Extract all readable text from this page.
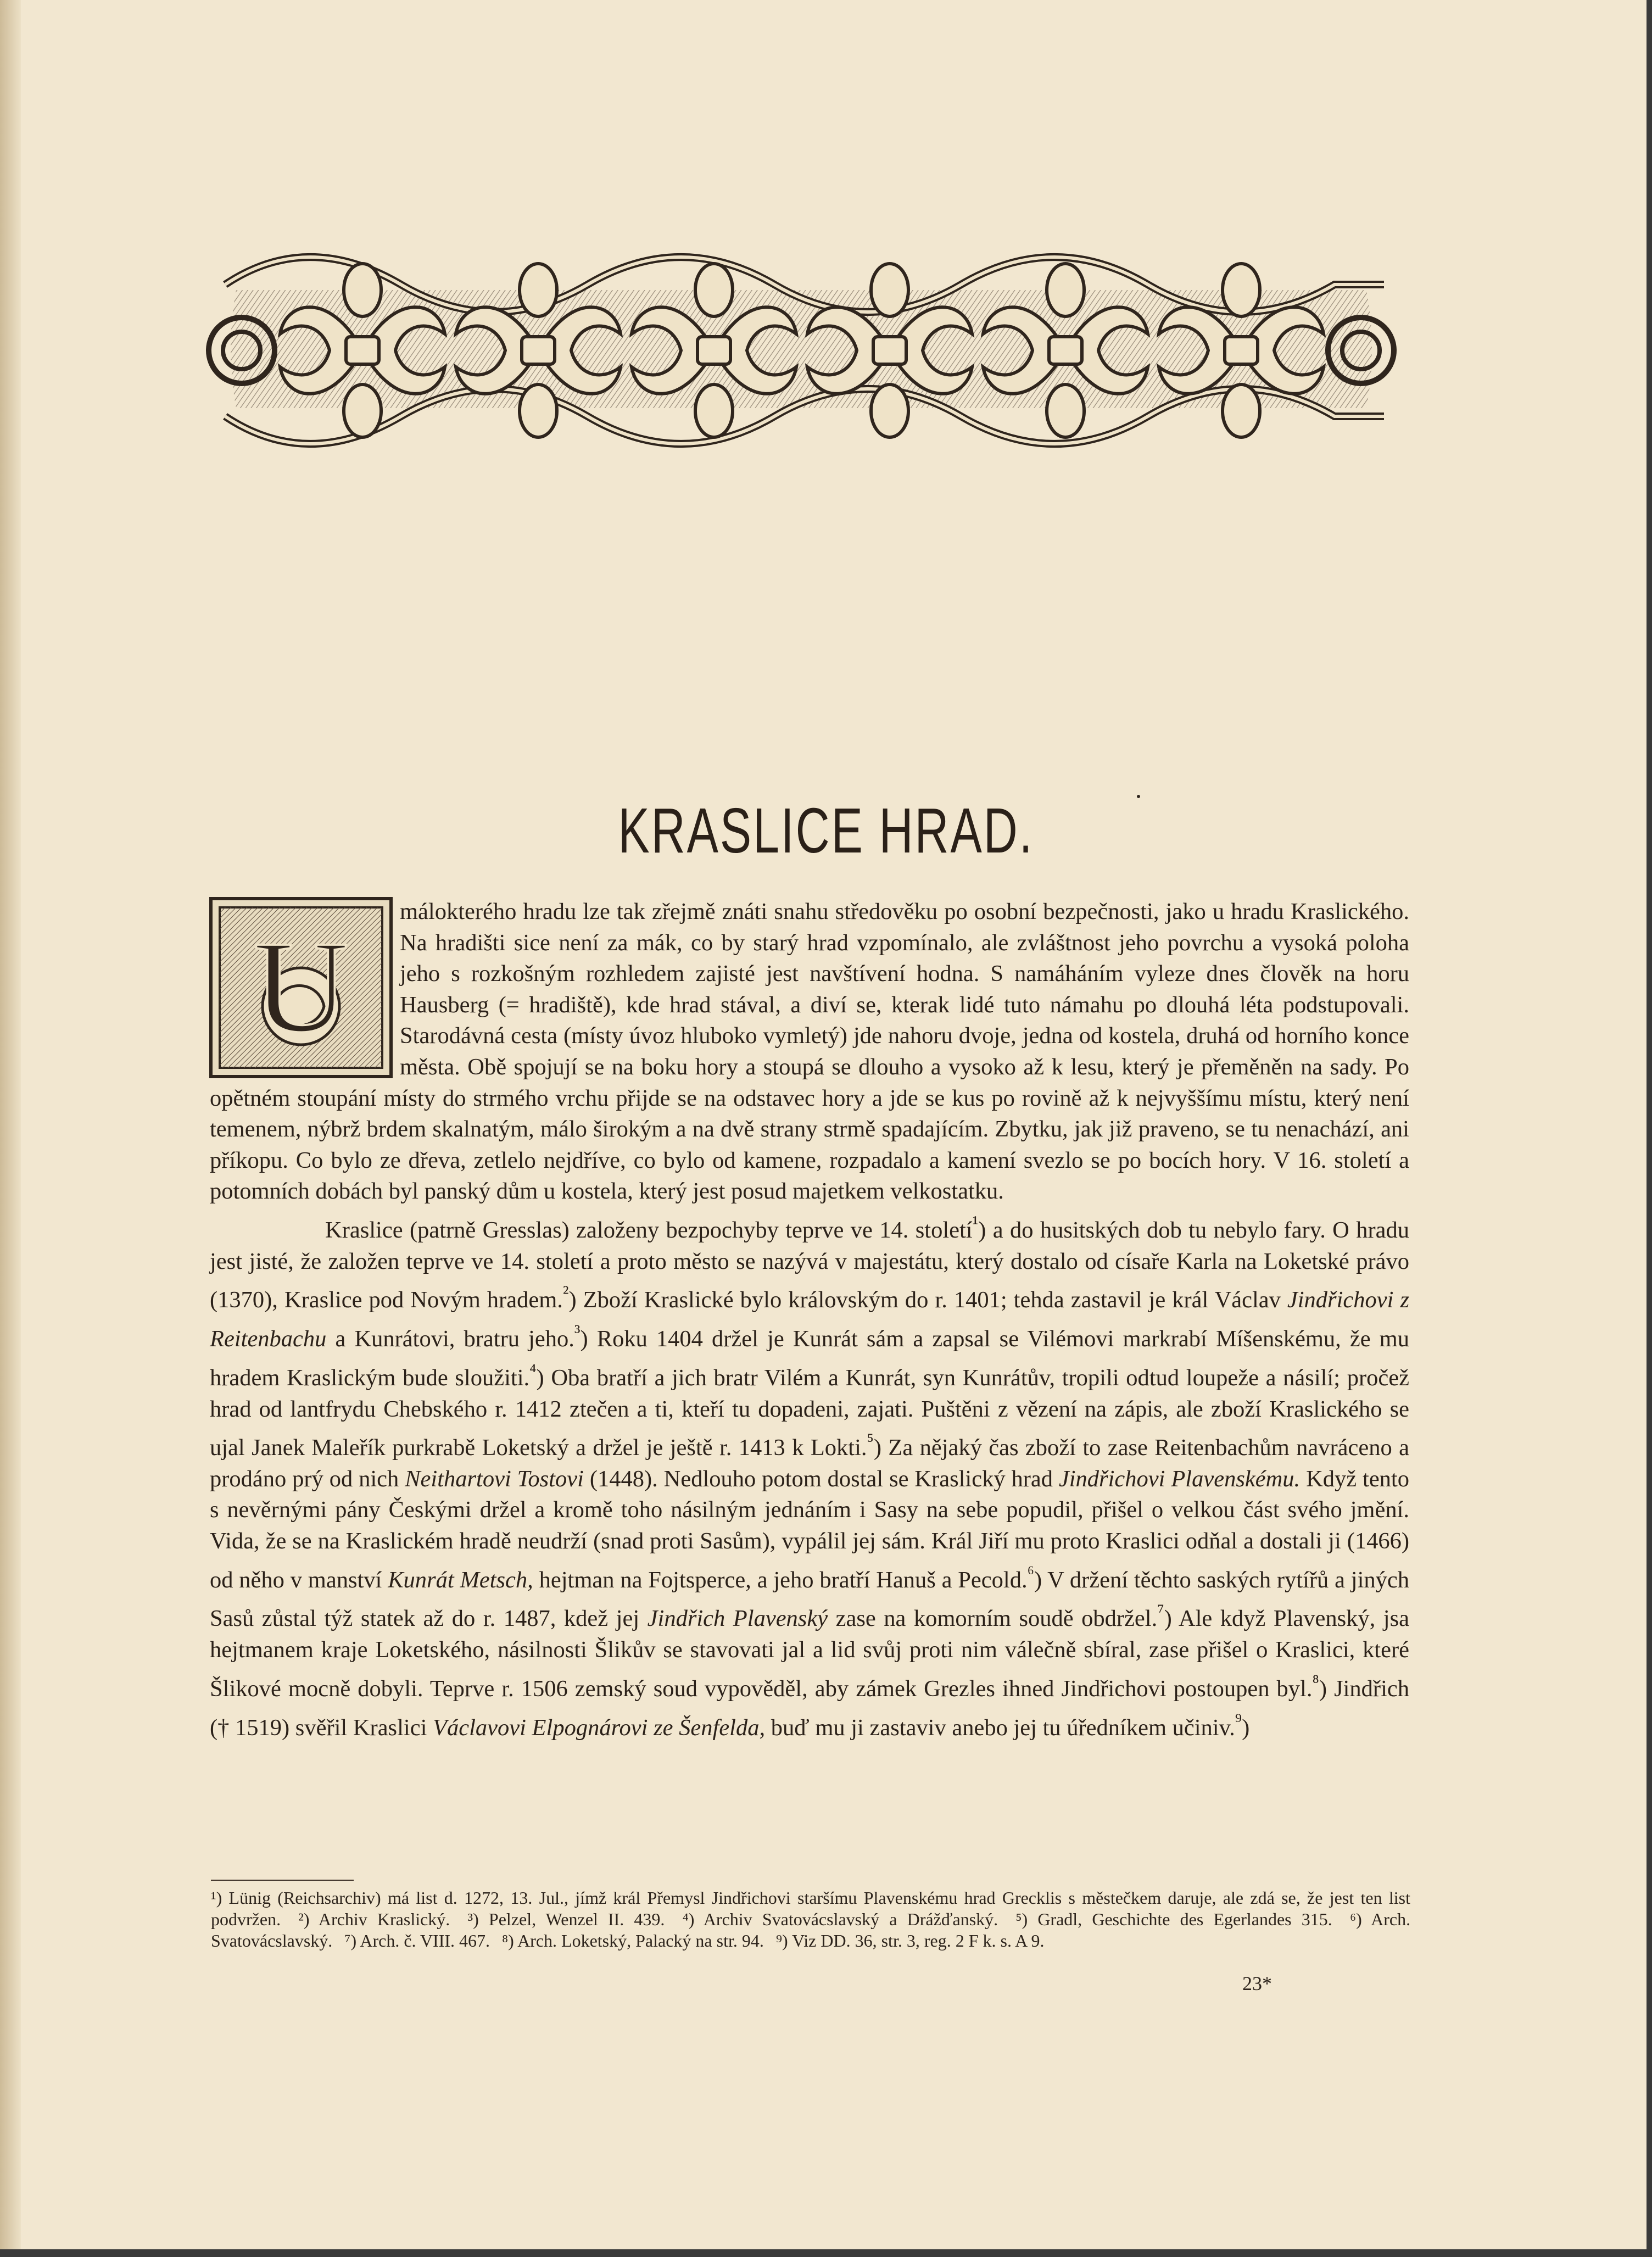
KRASLICE HRAD.
U

málokterého hradu lze tak zřejmě znáti snahu středověku po osobní bezpečnosti, jako u hradu Kraslického. Na hradišti sice není za mák, co by starý hrad vzpomínalo, ale zvláštnost jeho povrchu a vysoká poloha jeho s rozkošným rozhledem zajisté jest navštívení hodna. S namáháním vyleze dnes člověk na horu Hausberg (= hradiště), kde hrad stával, a diví se, kterak lidé tuto námahu po dlouhá léta podstupovali. Starodávná cesta (místy úvoz hluboko vymletý) jde nahoru dvoje, jedna od kostela, druhá od horního konce města. Obě spojují se na boku hory a stoupá se dlouho a vysoko až k lesu, který je přeměněn na sady. Po opětném stoupání místy do strmého vrchu přijde se na odstavec hory a jde se kus po rovině až k nejvyššímu místu, který není temenem, nýbrž brdem skalnatým, málo širokým a na dvě strany strmě spadajícím. Zbytku, jak již praveno, se tu nenachází, ani příkopu. Co bylo ze dřeva, zetlelo nejdříve, co bylo od kamene, rozpadalo a kamení svezlo se po bocích hory. V 16. století a potomních dobách byl panský dům u kostela, který jest posud majetkem velkostatku.

Kraslice (patrně Gresslas) založeny bezpochyby teprve ve 14. století$^{^1}$) a do husitských dob tu nebylo fary. O hradu jest jisté, že založen teprve ve 14. století a proto město se nazývá v majestátu, který dostalo od císaře Karla na Loketské právo (1370), Kraslice pod Novým hradem.$^{^2}$) Zboží Kraslické bylo královským do r. 1401; tehda zastavil je král Václav Jindřichovi z Reitenbachu a Kunrátovi, bratru jeho.$^{^3}$) Roku 1404 držel je Kunrát sám a zapsal se Vilémovi markrabí Míšenskému, že mu hradem Kraslickým bude sloužiti.$^{^4}$) Oba bratří a jich bratr Vilém a Kunrát, syn Kunrátův, tropili odtud loupeže a násilí; pročež hrad od lantfrydu Chebského r. 1412 ztečen a ti, kteří tu dopadeni, zajati. Puštěni z vězení na zápis, ale zboží Kraslického se ujal Janek Maleřík purkrabě Loketský a držel je ještě r. 1413 k Lokti.$^{^5}$) Za nějaký čas zboží to zase Reitenbachům navráceno a prodáno prý od nich Neithartovi Tostovi (1448). Nedlouho potom dostal se Kraslický hrad Jindřichovi Plavenskému. Když tento s nevěrnými pány Českými držel a kromě toho násilným jednáním i Sasy na sebe popudil, přišel o velkou část svého jmění. Vida, že se na Kraslickém hradě neudrží (snad proti Sasům), vypálil jej sám. Král Jiří mu proto Kraslici odňal a dostali ji (1466) od něho v manství Kunrát Metsch, hejtman na Fojtsperce, a jeho bratří Hanuš a Pecold.$^{^6}$) V držení těchto saských rytířů a jiných Sasů zůstal týž statek až do r. 1487, kdež jej Jindřich Plavenský zase na komorním soudě obdržel.$^{^7}$) Ale když Plavenský, jsa hejtmanem kraje Loketského, násilnosti Šlikův se stavovati jal a lid svůj proti nim válečně sbíral, zase přišel o Kraslici, které Šlikové mocně dobyli. Teprve r. 1506 zemský soud vypověděl, aby zámek Grezles ihned Jindřichovi postoupen byl.$^{^8}$) Jindřich († 1519) svěřil Kraslici Václavovi Elpognárovi ze Šenfelda, buď mu ji zastaviv anebo jej tu úředníkem učiniv.$^{^9}$)

¹) Lünig (Reichsarchiv) má list d. 1272, 13. Jul., jímž král Přemysl Jindřichovi staršímu Plavenskému hrad Grecklis s městečkem daruje, ale zdá se, že jest ten list podvržen. ²) Archiv Kraslický. ³) Pelzel, Wenzel II. 439. ⁴) Archiv Svatovácslavský a Drážďanský. ⁵) Gradl, Geschichte des Egerlandes 315. ⁶) Arch. Svatovácslavský. ⁷) Arch. č. VIII. 467. ⁸) Arch. Loketský, Palacký na str. 94. ⁹) Viz DD. 36, str. 3, reg. 2 F k. s. A 9.
23*
